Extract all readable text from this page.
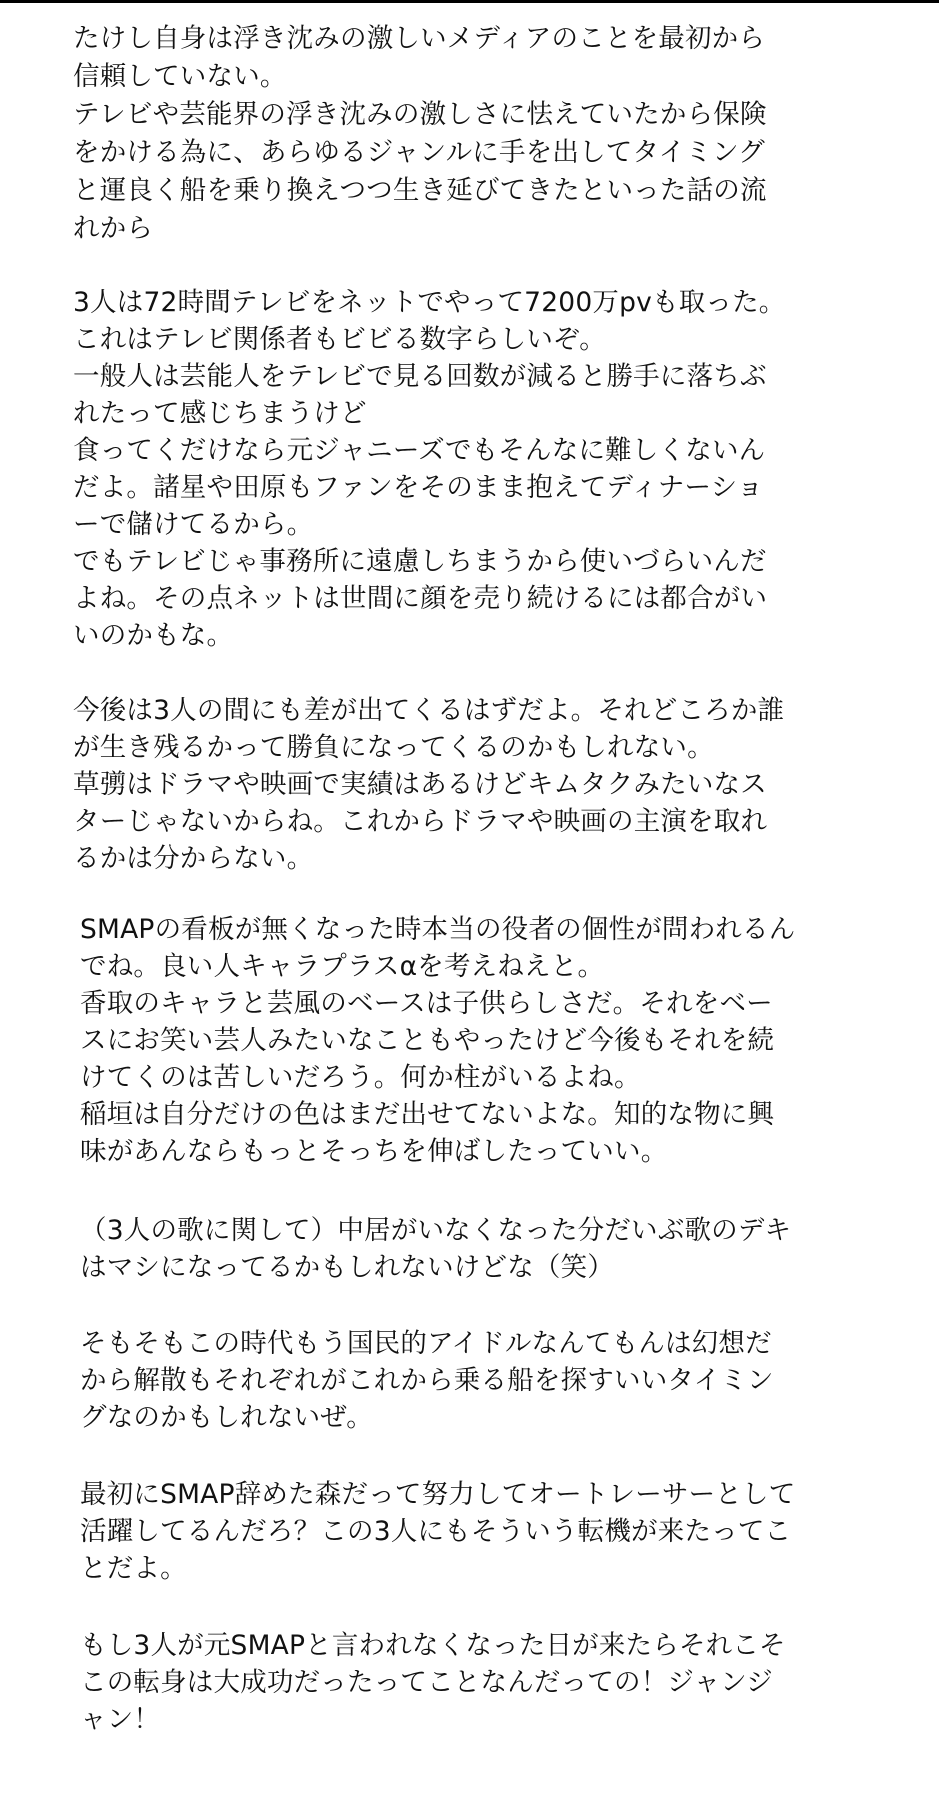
たけし自身は浮き沈みの激しいメディアのことを最初から
信頼していない。
テレビや芸能界の浮き沈みの激しさに怯えていたから保険
をかける為に、あらゆるジャンルに手を出してタイミング
と運良く船を乗り換えつつ生き延びてきたといった話の流
れから
3人は72時間テレビをネットでやって7200万pvも取った。
これはテレビ関係者もビビる数字らしいぞ。
一般人は芸能人をテレビで見る回数が減ると勝手に落ちぶ
れたって感じちまうけど
食ってくだけなら元ジャニーズでもそんなに難しくないん
だよ。諸星や田原もファンをそのまま抱えてディナーショ
ーで儲けてるから。
でもテレビじゃ事務所に遠慮しちまうから使いづらいんだ
よね。その点ネットは世間に顔を売り続けるには都合がい
いのかもな。
今後は3人の間にも差が出てくるはずだよ。それどころか誰
が生き残るかって勝負になってくるのかもしれない。
草彅はドラマや映画で実績はあるけどキムタクみたいなス
ターじゃないからね。これからドラマや映画の主演を取れ
るかは分からない。
SMAPの看板が無くなった時本当の役者の個性が問われるん
でね。良い人キャラプラスαを考えねえと。
香取のキャラと芸風のベースは子供らしさだ。それをベー
スにお笑い芸人みたいなこともやったけど今後もそれを続
けてくのは苦しいだろう。何か柱がいるよね。
稲垣は自分だけの色はまだ出せてないよな。知的な物に興
味があんならもっとそっちを伸ばしたっていい。
（3人の歌に関して）中居がいなくなった分だいぶ歌のデキ
はマシになってるかもしれないけどな（笑）
そもそもこの時代もう国民的アイドルなんてもんは幻想だ
から解散もそれぞれがこれから乗る船を探すいいタイミン
グなのかもしれないぜ。
最初にSMAP辞めた森だって努力してオートレーサーとして
活躍してるんだろ？この3人にもそういう転機が来たってこ
とだよ。
もし3人が元SMAPと言われなくなった日が来たらそれこそ
この転身は大成功だったってことなんだっての！ジャンジ
ャン！
